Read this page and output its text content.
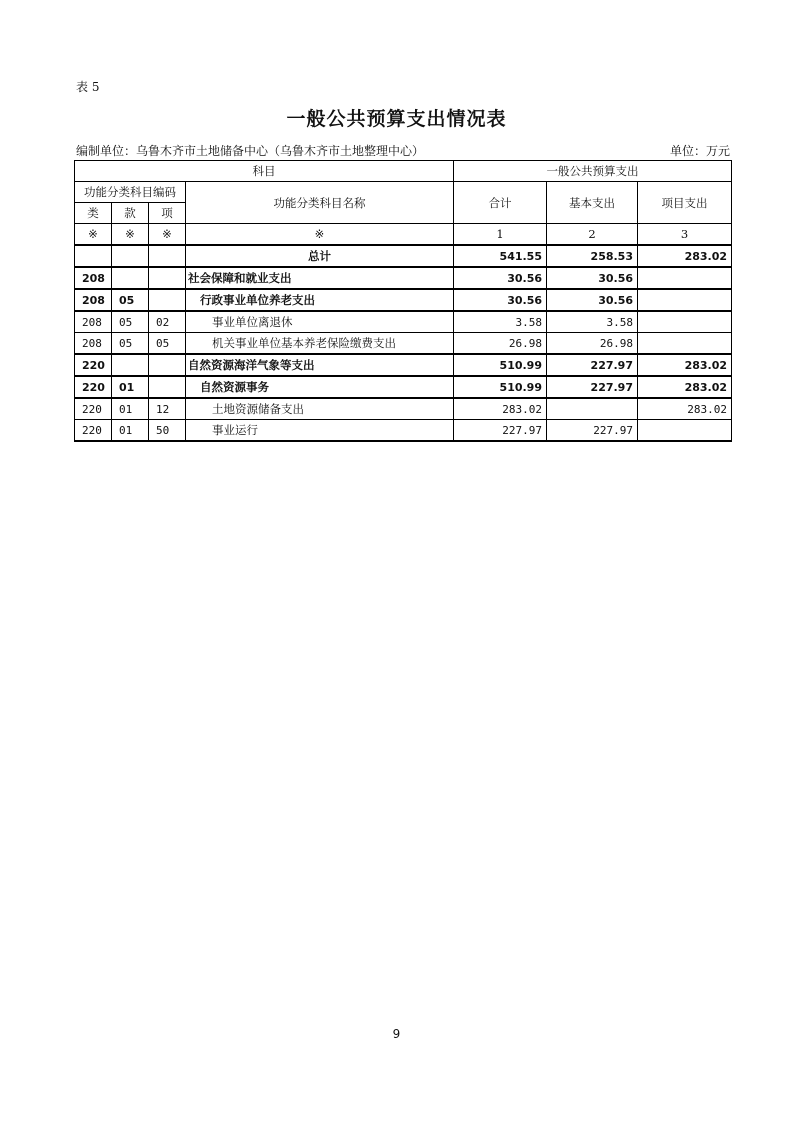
表 5
一般公共预算支出情况表
编制单位：乌鲁木齐市土地储备中心（乌鲁木齐市土地整理中心）	单位：万元
科目				一般公共预算支出		
功能分类科目编码			功能分类科目名称	合计	基本支出	项目支出
类	款	项				
※	※	※	※	1	2	3
			总计	541.55	258.53	283.02
208			社会保障和就业支出	30.56	30.56	
208	05		行政事业单位养老支出	30.56	30.56	
208	05	02	事业单位离退休	3.58	3.58	
208	05	05	机关事业单位基本养老保险缴费支出	26.98	26.98	
220			自然资源海洋气象等支出	510.99	227.97	283.02
220	01		自然资源事务	510.99	227.97	283.02
220	01	12	土地资源储备支出	283.02		283.02
220	01	50	事业运行	227.97	227.97	
9
